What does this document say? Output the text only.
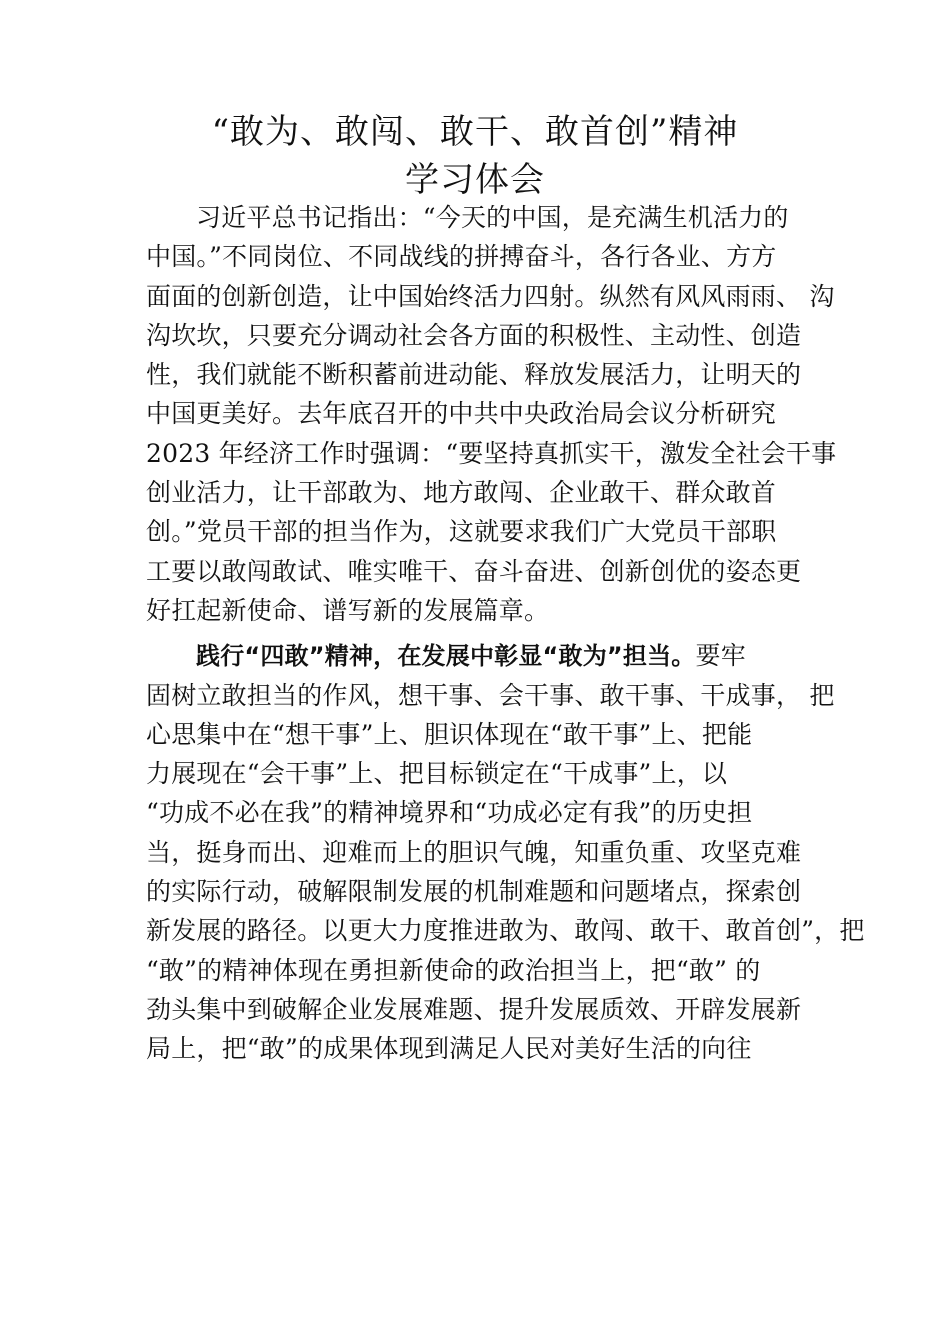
“敢为、敢闯、敢干、敢首创”精神
学习体会
习近平总书记指出：“今天的中国，是充满生机活力的
中国。”不同岗位、不同战线的拼搏奋斗，各行各业、方方
面面的创新创造，让中国始终活力四射。纵然有风风雨雨、 沟
沟坎坎，只要充分调动社会各方面的积极性、主动性、创造
性，我们就能不断积蓄前进动能、释放发展活力，让明天的
中国更美好。去年底召开的中共中央政治局会议分析研究
2023 年经济工作时强调：“要坚持真抓实干，激发全社会干事
创业活力，让干部敢为、地方敢闯、企业敢干、群众敢首
创。”党员干部的担当作为，这就要求我们广大党员干部职
工要以敢闯敢试、唯实唯干、奋斗奋进、创新创优的姿态更
好扛起新使命、谱写新的发展篇章。
践行“四敢”精神，在发展中彰显“敢为”担当。要牢
固树立敢担当的作风，想干事、会干事、敢干事、干成事， 把
心思集中在“想干事”上、胆识体现在“敢干事”上、把能
力展现在“会干事”上、把目标锁定在“干成事”上，以
“功成不必在我”的精神境界和“功成必定有我”的历史担
当，挺身而出、迎难而上的胆识气魄，知重负重、攻坚克难
的实际行动，破解限制发展的机制难题和问题堵点，探索创
新发展的路径。以更大力度推进敢为、敢闯、敢干、敢首创”，把
“敢”的精神体现在勇担新使命的政治担当上，把“敢” 的
劲头集中到破解企业发展难题、提升发展质效、开辟发展新
局上，把“敢”的成果体现到满足人民对美好生活的向往
